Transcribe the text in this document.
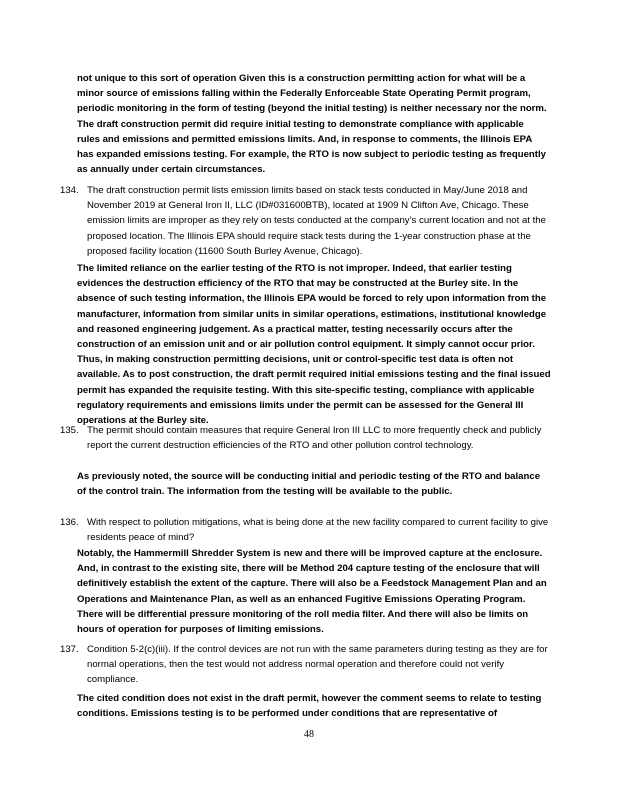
not unique to this sort of operation Given this is a construction permitting action for what will be a minor source of emissions falling within the Federally Enforceable State Operating Permit program, periodic monitoring in the form of testing (beyond the initial testing) is neither necessary nor the norm. The draft construction permit did require initial testing to demonstrate compliance with applicable rules and emissions and permitted emissions limits. And, in response to comments, the Illinois EPA has expanded emissions testing. For example, the RTO is now subject to periodic testing as frequently as annually under certain circumstances.

134. The draft construction permit lists emission limits based on stack tests conducted in May/June 2018 and November 2019 at General Iron II, LLC (ID#031600BTB), located at 1909 N Clifton Ave, Chicago. These emission limits are improper as they rely on tests conducted at the company’s current location and not at the proposed location. The Illinois EPA should require stack tests during the 1-year construction phase at the proposed facility location (11600 South Burley Avenue, Chicago).

The limited reliance on the earlier testing of the RTO is not improper. Indeed, that earlier testing evidences the destruction efficiency of the RTO that may be constructed at the Burley site. In the absence of such testing information, the Illinois EPA would be forced to rely upon information from the manufacturer, information from similar units in similar operations, estimations, institutional knowledge and reasoned engineering judgement. As a practical matter, testing necessarily occurs after the construction of an emission unit and or air pollution control equipment. It simply cannot occur prior. Thus, in making construction permitting decisions, unit or control-specific test data is often not available. As to post construction, the draft permit required initial emissions testing and the final issued permit has expanded the requisite testing. With this site-specific testing, compliance with applicable regulatory requirements and emissions limits under the permit can be assessed for the General III operations at the Burley site.

135. The permit should contain measures that require General Iron III LLC to more frequently check and publicly report the current destruction efficiencies of the RTO and other pollution control technology.

As previously noted, the source will be conducting initial and periodic testing of the RTO and balance of the control train. The information from the testing will be available to the public.

136. With respect to pollution mitigations, what is being done at the new facility compared to current facility to give residents peace of mind?

Notably, the Hammermill Shredder System is new and there will be improved capture at the enclosure. And, in contrast to the existing site, there will be Method 204 capture testing of the enclosure that will definitively establish the extent of the capture. There will also be a Feedstock Management Plan and an Operations and Maintenance Plan, as well as an enhanced Fugitive Emissions Operating Program. There will be differential pressure monitoring of the roll media filter. And there will also be limits on hours of operation for purposes of limiting emissions.

137. Condition 5-2(c)(iii). If the control devices are not run with the same parameters during testing as they are for normal operations, then the test would not address normal operation and therefore could not verify compliance.

The cited condition does not exist in the draft permit, however the comment seems to relate to testing conditions. Emissions testing is to be performed under conditions that are representative of

48
